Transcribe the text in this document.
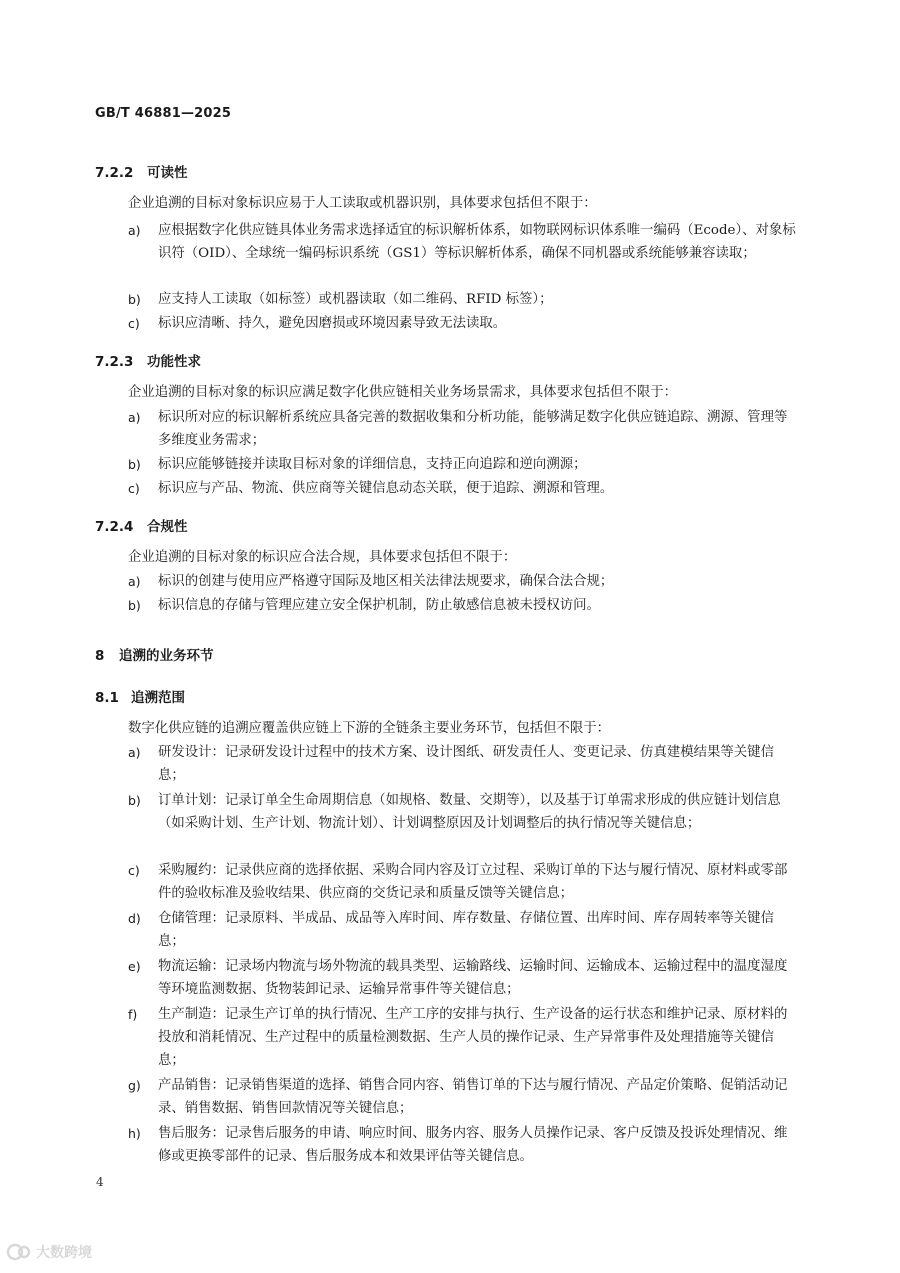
GB/T 46881—2025
7.2.2 可读性
企业追溯的目标对象标识应易于人工读取或机器识别，具体要求包括但不限于：
a) 应根据数字化供应链具体业务需求选择适宜的标识解析体系，如物联网标识体系唯一编码（Ecode）、对象标识符（OID）、全球统一编码标识系统（GS1）等标识解析体系，确保不同机器或系统能够兼容读取；
b) 应支持人工读取（如标签）或机器读取（如二维码、RFID 标签）；
c) 标识应清晰、持久，避免因磨损或环境因素导致无法读取。
7.2.3 功能性求
企业追溯的目标对象的标识应满足数字化供应链相关业务场景需求，具体要求包括但不限于：
a) 标识所对应的标识解析系统应具备完善的数据收集和分析功能，能够满足数字化供应链追踪、溯源、管理等多维度业务需求；
b) 标识应能够链接并读取目标对象的详细信息，支持正向追踪和逆向溯源；
c) 标识应与产品、物流、供应商等关键信息动态关联，便于追踪、溯源和管理。
7.2.4 合规性
企业追溯的目标对象的标识应合法合规，具体要求包括但不限于：
a) 标识的创建与使用应严格遵守国际及地区相关法律法规要求，确保合法合规；
b) 标识信息的存储与管理应建立安全保护机制，防止敏感信息被未授权访问。
8 追溯的业务环节
8.1 追溯范围
数字化供应链的追溯应覆盖供应链上下游的全链条主要业务环节，包括但不限于：
a) 研发设计：记录研发设计过程中的技术方案、设计图纸、研发责任人、变更记录、仿真建模结果等关键信息；
b) 订单计划：记录订单全生命周期信息（如规格、数量、交期等），以及基于订单需求形成的供应链计划信息（如采购计划、生产计划、物流计划）、计划调整原因及计划调整后的执行情况等关键信息；
c) 采购履约：记录供应商的选择依据、采购合同内容及订立过程、采购订单的下达与履行情况、原材料或零部件的验收标准及验收结果、供应商的交货记录和质量反馈等关键信息；
d) 仓储管理：记录原料、半成品、成品等入库时间、库存数量、存储位置、出库时间、库存周转率等关键信息；
e) 物流运输：记录场内物流与场外物流的载具类型、运输路线、运输时间、运输成本、运输过程中的温度湿度等环境监测数据、货物装卸记录、运输异常事件等关键信息；
f) 生产制造：记录生产订单的执行情况、生产工序的安排与执行、生产设备的运行状态和维护记录、原材料的投放和消耗情况、生产过程中的质量检测数据、生产人员的操作记录、生产异常事件及处理措施等关键信息；
g) 产品销售：记录销售渠道的选择、销售合同内容、销售订单的下达与履行情况、产品定价策略、促销活动记录、销售数据、销售回款情况等关键信息；
h) 售后服务：记录售后服务的申请、响应时间、服务内容、服务人员操作记录、客户反馈及投诉处理情况、维修或更换零部件的记录、售后服务成本和效果评估等关键信息。
4
大数跨境
